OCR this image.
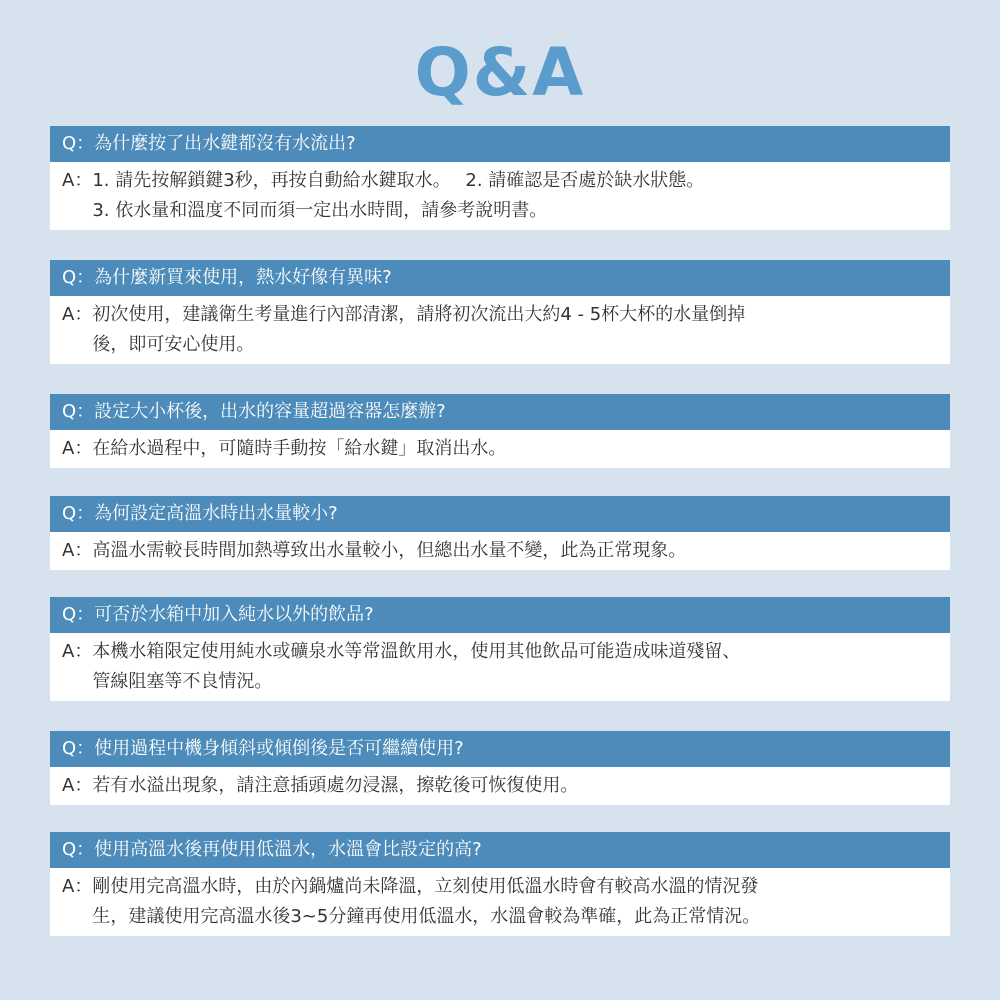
Q&A
Q：為什麼按了出水鍵都沒有水流出?
A： 1. 請先按解鎖鍵3秒，再按自動給水鍵取水。　 2. 請確認是否處於缺水狀態。
3. 依水量和溫度不同而須一定出水時間，請參考說明書。
Q：為什麼新買來使用，熱水好像有異味?
A： 初次使用，建議衛生考量進行內部清潔，請將初次流出大約4 - 5杯大杯的水量倒掉
後，即可安心使用。
Q：設定大小杯後，出水的容量超過容器怎麼辦?
A： 在給水過程中，可隨時手動按「給水鍵」取消出水。
Q：為何設定高溫水時出水量較小?
A： 高溫水需較長時間加熱導致出水量較小，但總出水量不變，此為正常現象。
Q：可否於水箱中加入純水以外的飲品?
A： 本機水箱限定使用純水或礦泉水等常溫飲用水，使用其他飲品可能造成味道殘留、
管線阻塞等不良情況。
Q：使用過程中機身傾斜或傾倒後是否可繼續使用?
A： 若有水溢出現象，請注意插頭處勿浸濕，擦乾後可恢復使用。
Q：使用高溫水後再使用低溫水，水溫會比設定的高?
A： 剛使用完高溫水時，由於內鍋爐尚未降溫，立刻使用低溫水時會有較高水溫的情況發
生，建議使用完高溫水後3~5分鐘再使用低溫水，水溫會較為準確，此為正常情況。
